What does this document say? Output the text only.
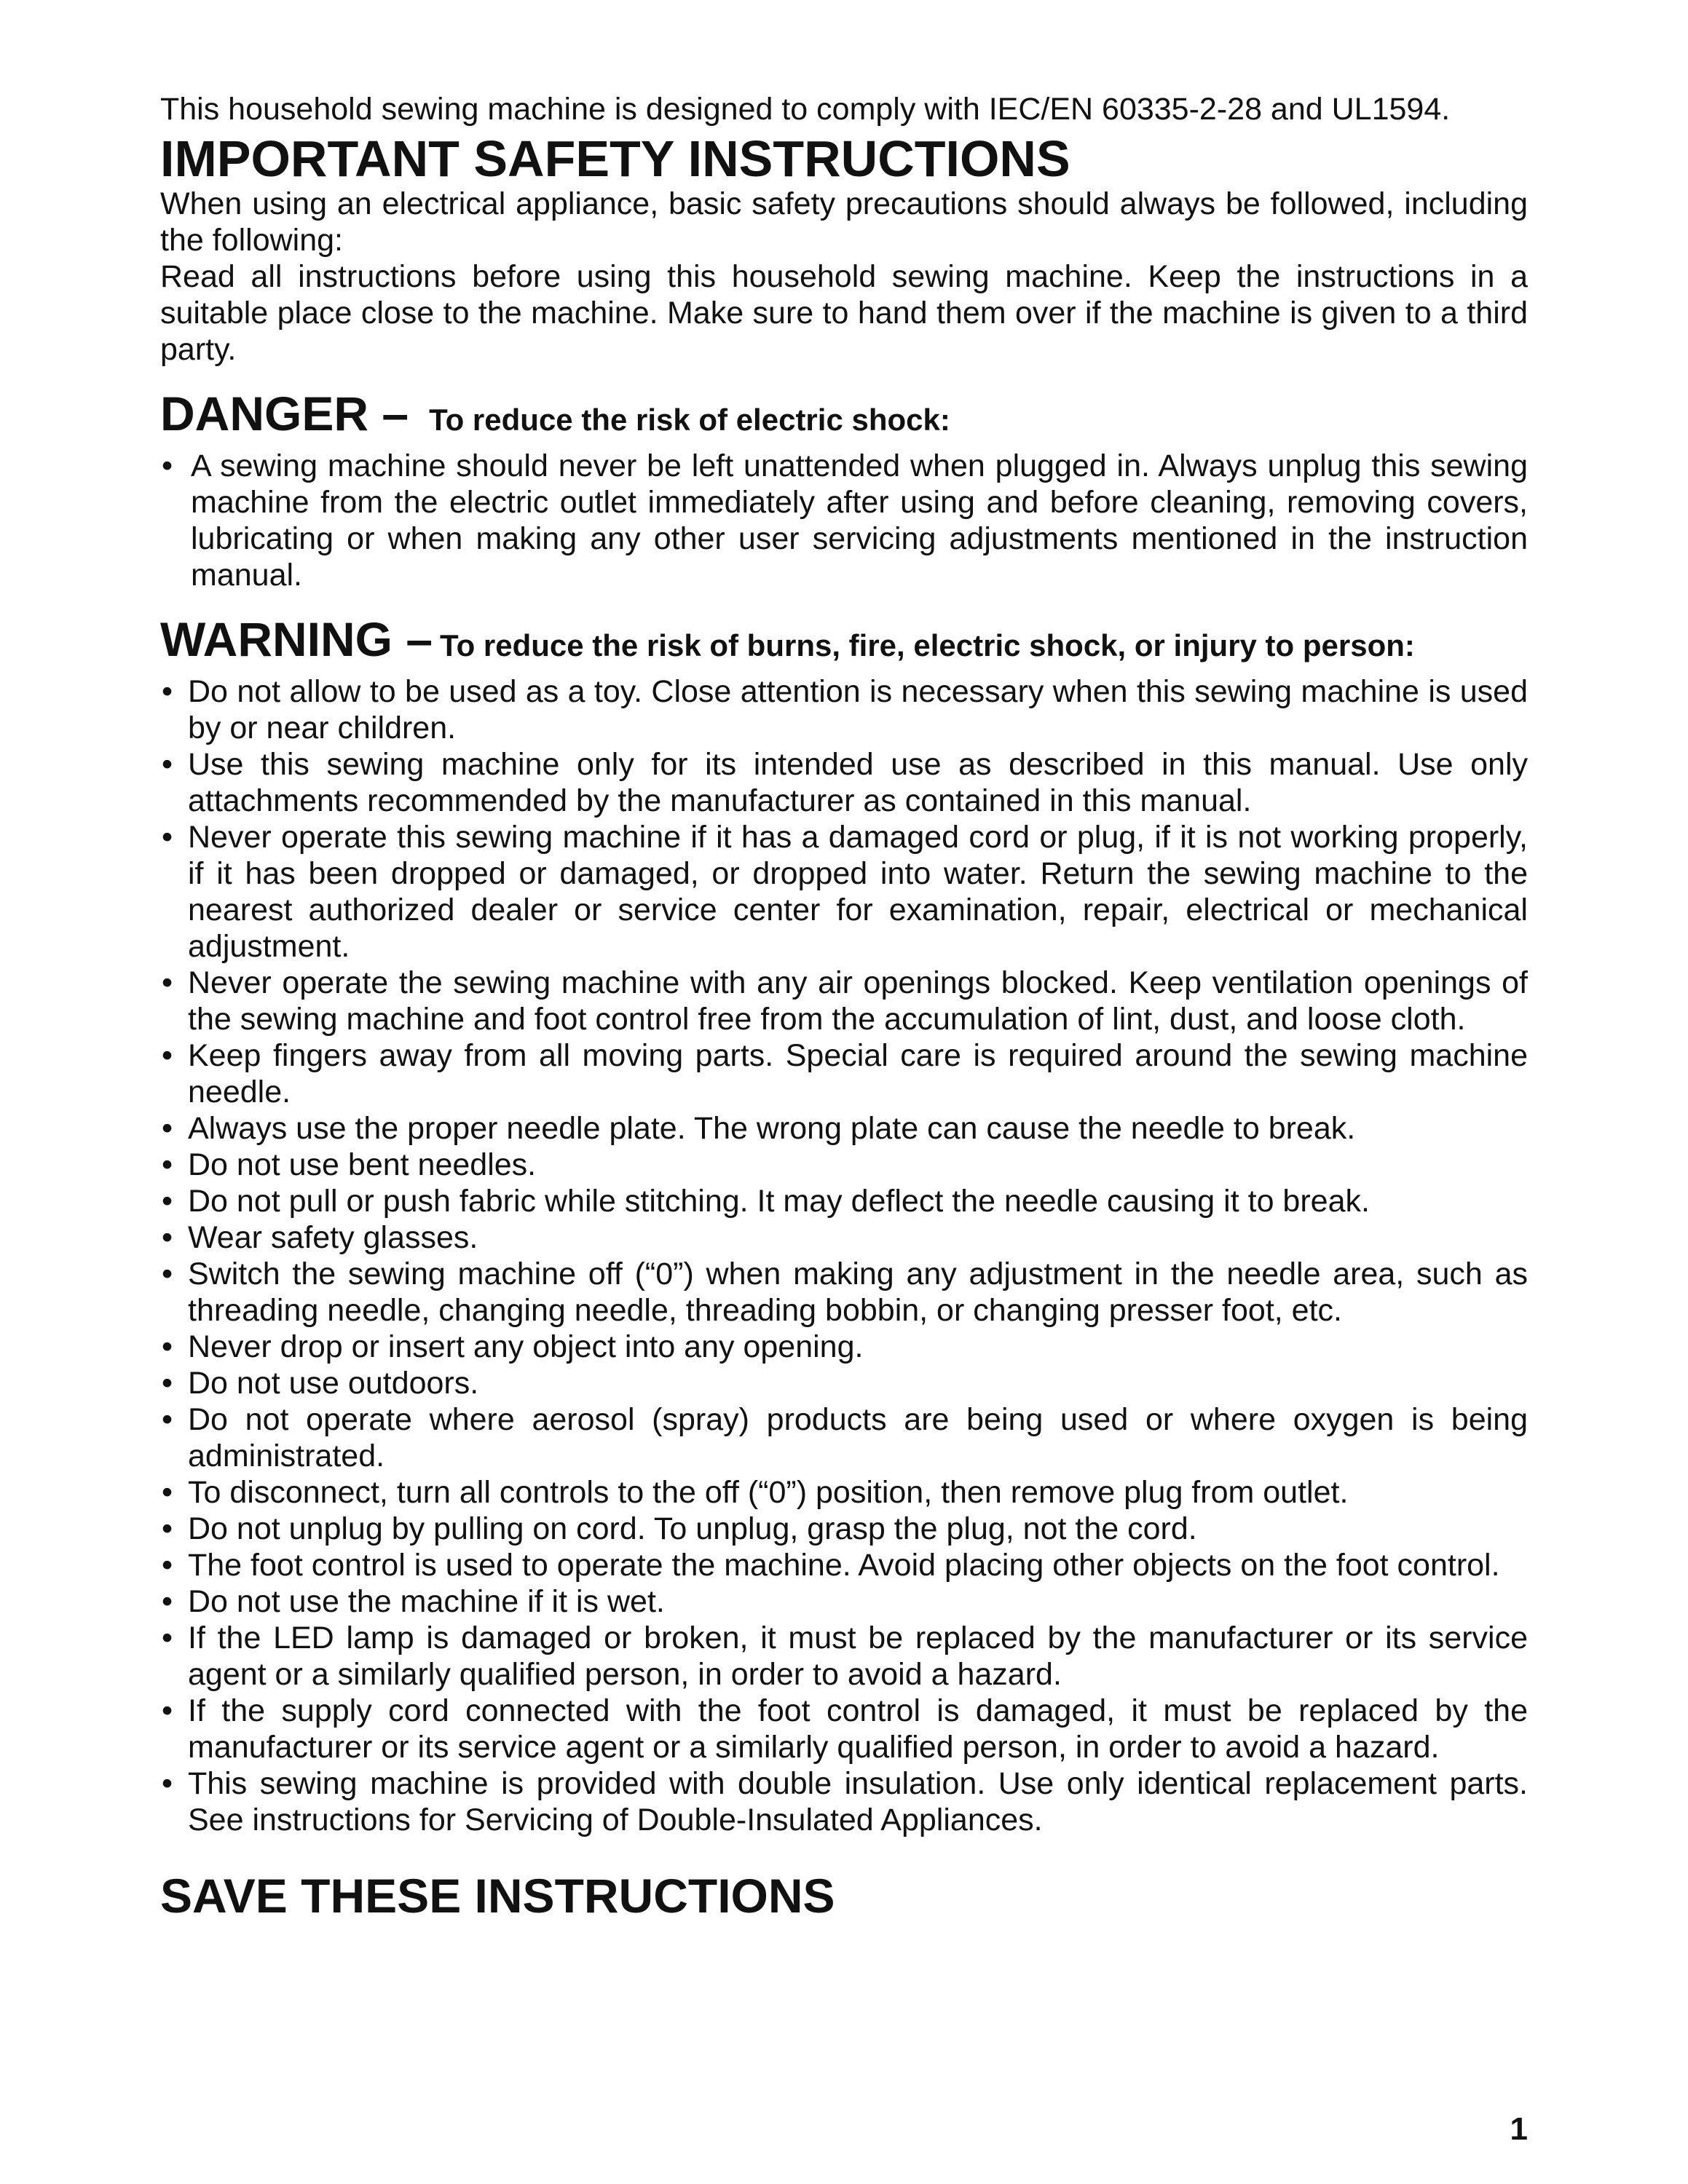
This household sewing machine is designed to comply with IEC/EN 60335-2-28 and UL1594.

IMPORTANT SAFETY INSTRUCTIONS

When using an electrical appliance, basic safety precautions should always be followed, including the following:

Read all instructions before using this household sewing machine. Keep the instructions in a suitable place close to the machine. Make sure to hand them over if the machine is given to a third party.

DANGER – To reduce the risk of electric shock:
• A sewing machine should never be left unattended when plugged in. Always unplug this sewing machine from the electric outlet immediately after using and before cleaning, removing covers, lubricating or when making any other user servicing adjustments mentioned in the instruction manual.
WARNING – To reduce the risk of burns, fire, electric shock, or injury to person:
• Do not allow to be used as a toy. Close attention is necessary when this sewing machine is used by or near children.
• Use this sewing machine only for its intended use as described in this manual. Use only attachments recommended by the manufacturer as contained in this manual.
• Never operate this sewing machine if it has a damaged cord or plug, if it is not working properly, if it has been dropped or damaged, or dropped into water. Return the sewing machine to the nearest authorized dealer or service center for examination, repair, electrical or mechanical adjustment.
• Never operate the sewing machine with any air openings blocked. Keep ventilation openings of the sewing machine and foot control free from the accumulation of lint, dust, and loose cloth.
• Keep fingers away from all moving parts. Special care is required around the sewing machine needle.
• Always use the proper needle plate. The wrong plate can cause the needle to break.
• Do not use bent needles.
• Do not pull or push fabric while stitching. It may deflect the needle causing it to break.
• Wear safety glasses.
• Switch the sewing machine off (“0”) when making any adjustment in the needle area, such as threading needle, changing needle, threading bobbin, or changing presser foot, etc.
• Never drop or insert any object into any opening.
• Do not use outdoors.
• Do not operate where aerosol (spray) products are being used or where oxygen is being administrated.
• To disconnect, turn all controls to the off (“0”) position, then remove plug from outlet.
• Do not unplug by pulling on cord. To unplug, grasp the plug, not the cord.
• The foot control is used to operate the machine. Avoid placing other objects on the foot control.
• Do not use the machine if it is wet.
• If the LED lamp is damaged or broken, it must be replaced by the manufacturer or its service agent or a similarly qualified person, in order to avoid a hazard.
• If the supply cord connected with the foot control is damaged, it must be replaced by the manufacturer or its service agent or a similarly qualified person, in order to avoid a hazard.
• This sewing machine is provided with double insulation. Use only identical replacement parts. See instructions for Servicing of Double-Insulated Appliances.
SAVE THESE INSTRUCTIONS
1
